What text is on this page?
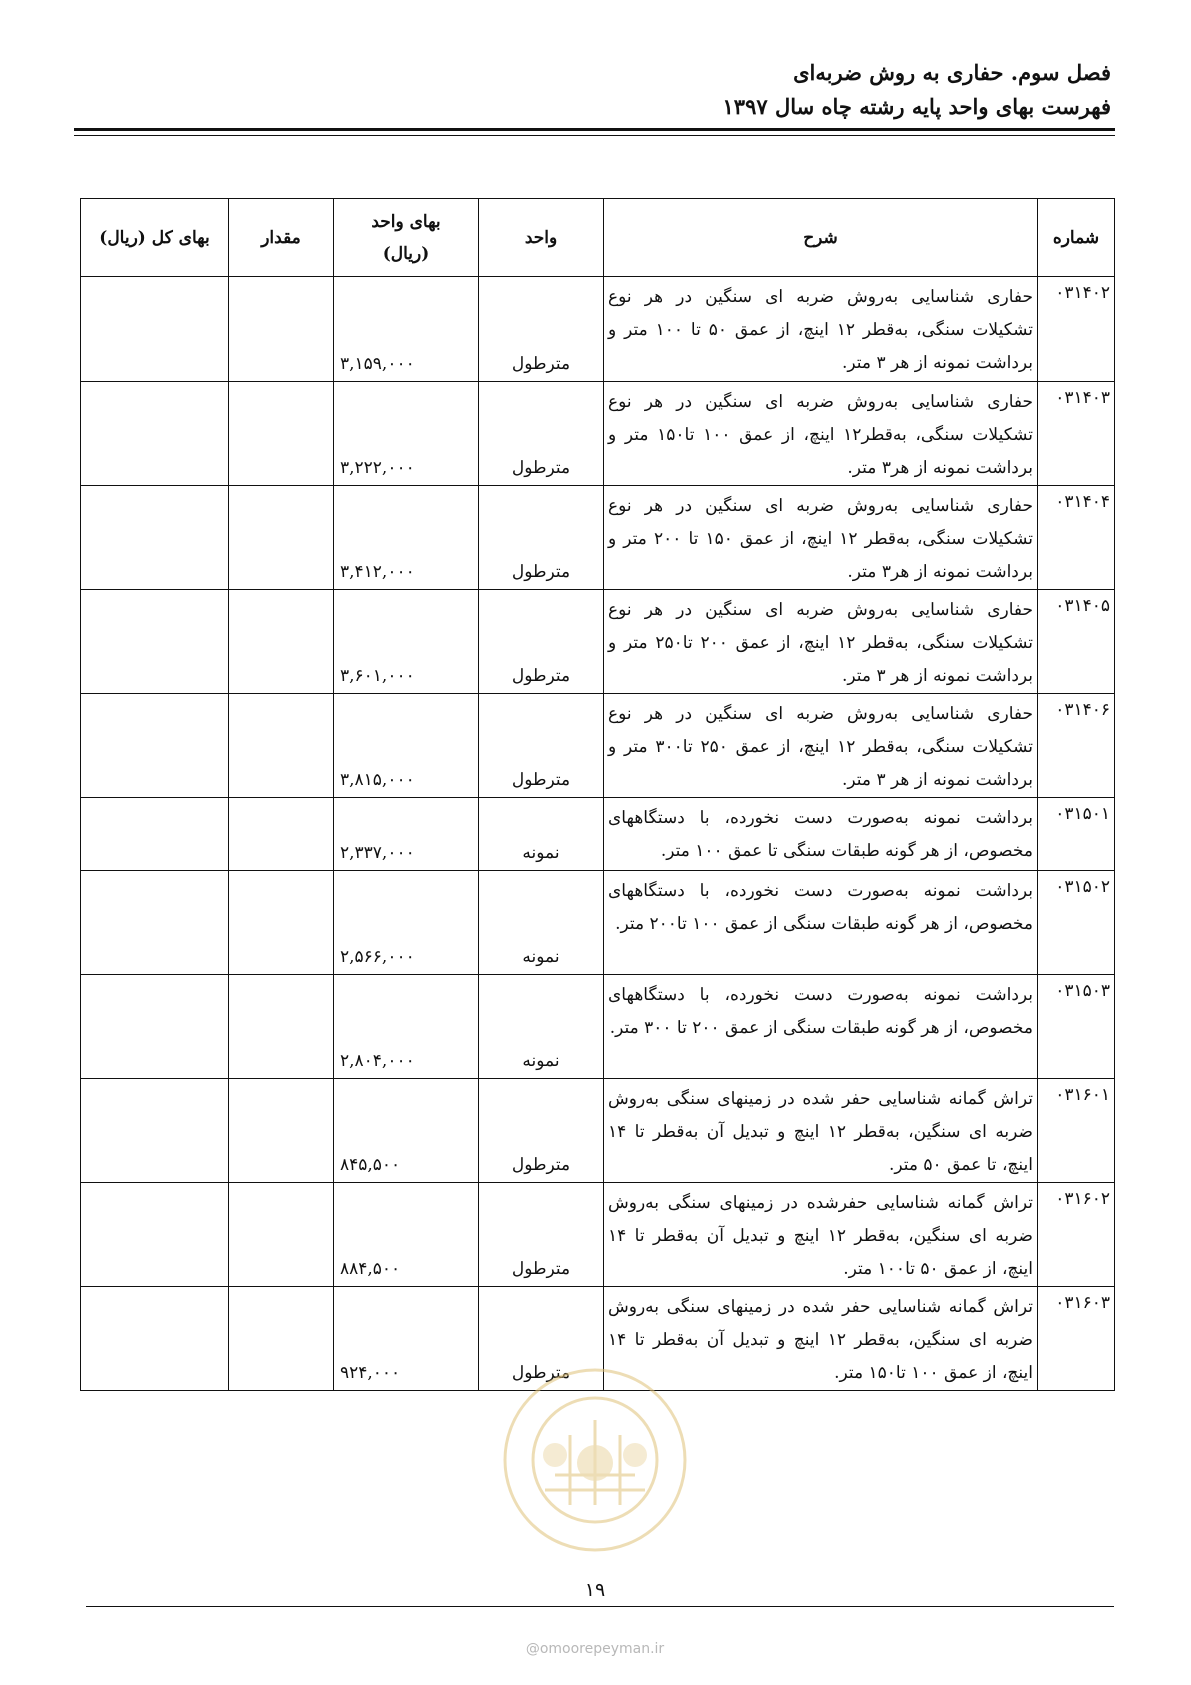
فصل سوم. حفاری به روش ضربه‌ای
فهرست بهای واحد پایه رشته چاه سال ۱۳۹۷
شماره	شرح	واحد	بهای واحد
(ریال)	مقدار	بهای کل (ریال)
۰۳۱۴۰۲	حفاری شناسایی به‌روش ضربه ای سنگین در هر نوع تشکیلات سنگی، به‌قطر ۱۲ اینچ، از عمق ۵۰ تا ۱۰۰ متر و برداشت نمونه از هر ۳ متر.	مترطول	۳,۱۵۹,۰۰۰		
۰۳۱۴۰۳	حفاری شناسایی به‌روش ضربه ای سنگین در هر نوع تشکیلات سنگی، به‌قطر۱۲ اینچ، از عمق ۱۰۰ تا۱۵۰ متر و برداشت نمونه از هر۳ متر.	مترطول	۳,۲۲۲,۰۰۰		
۰۳۱۴۰۴	حفاری شناسایی به‌روش ضربه ای سنگین در هر نوع تشکیلات سنگی، به‌قطر ۱۲ اینچ، از عمق ۱۵۰ تا ۲۰۰ متر و برداشت نمونه از هر۳ متر.	مترطول	۳,۴۱۲,۰۰۰		
۰۳۱۴۰۵	حفاری شناسایی به‌روش ضربه ای سنگین در هر نوع تشکیلات سنگی، به‌قطر ۱۲ اینچ، از عمق ۲۰۰ تا۲۵۰ متر و برداشت نمونه از هر ۳ متر.	مترطول	۳,۶۰۱,۰۰۰		
۰۳۱۴۰۶	حفاری شناسایی به‌روش ضربه ای سنگین در هر نوع تشکیلات سنگی، به‌قطر ۱۲ اینچ، از عمق ۲۵۰ تا۳۰۰ متر و برداشت نمونه از هر ۳ متر.	مترطول	۳,۸۱۵,۰۰۰		
۰۳۱۵۰۱	برداشت نمونه به‌صورت دست نخورده، با دستگاههای مخصوص، از هر گونه طبقات سنگی تا عمق ۱۰۰ متر.	نمونه	۲,۳۳۷,۰۰۰		
۰۳۱۵۰۲	برداشت نمونه به‌صورت دست نخورده، با دستگاههای مخصوص، از هر گونه طبقات سنگی از عمق ۱۰۰ تا۲۰۰ متر.	نمونه	۲,۵۶۶,۰۰۰		
۰۳۱۵۰۳	برداشت نمونه به‌صورت دست نخورده، با دستگاههای مخصوص، از هر گونه طبقات سنگی از عمق ۲۰۰ تا ۳۰۰ متر.	نمونه	۲,۸۰۴,۰۰۰		
۰۳۱۶۰۱	تراش گمانه شناسایی حفر شده در زمینهای سنگی به‌روش ضربه ای سنگین، به‌قطر ۱۲ اینچ و تبدیل آن به‌قطر تا ۱۴ اینچ، تا عمق ۵۰ متر.	مترطول	۸۴۵,۵۰۰		
۰۳۱۶۰۲	تراش گمانه شناسایی حفرشده در زمینهای سنگی به‌روش ضربه ای سنگین، به‌قطر ۱۲ اینچ و تبدیل آن به‌قطر تا ۱۴ اینچ، از عمق ۵۰ تا۱۰۰ متر.	مترطول	۸۸۴,۵۰۰		
۰۳۱۶۰۳	تراش گمانه شناسایی حفر شده در زمینهای سنگی به‌روش ضربه ای سنگین، به‌قطر ۱۲ اینچ و تبدیل آن به‌قطر تا ۱۴ اینچ، از عمق ۱۰۰ تا۱۵۰ متر.	مترطول	۹۲۴,۰۰۰		
۱۹
@omoorepeyman.ir
